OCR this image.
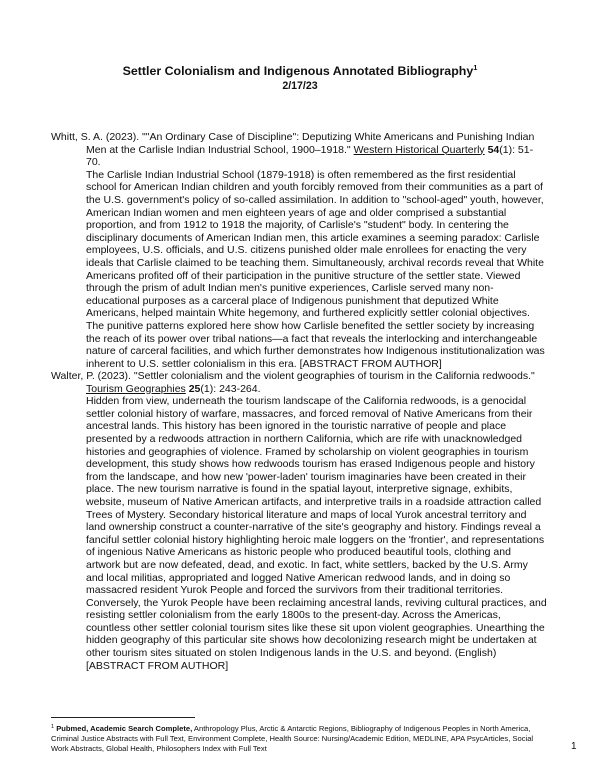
Settler Colonialism and Indigenous Annotated Bibliography$^1$
2/17/23

Whitt, S. A. (2023). ""An Ordinary Case of Discipline": Deputizing White Americans and Punishing Indian Men at the Carlisle Indian Industrial School, 1900–1918." Western Historical Quarterly 54(1): 51-70.

The Carlisle Indian Industrial School (1879-1918) is often remembered as the first residential school for American Indian children and youth forcibly removed from their communities as a part of the U.S. government's policy of so-called assimilation. In addition to "school-aged" youth, however, American Indian women and men eighteen years of age and older comprised a substantial proportion, and from 1912 to 1918 the majority, of Carlisle's "student" body. In centering the disciplinary documents of American Indian men, this article examines a seeming paradox: Carlisle employees, U.S. officials, and U.S. citizens punished older male enrollees for enacting the very ideals that Carlisle claimed to be teaching them. Simultaneously, archival records reveal that White Americans profited off of their participation in the punitive structure of the settler state. Viewed through the prism of adult Indian men's punitive experiences, Carlisle served many non-educational purposes as a carceral place of Indigenous punishment that deputized White Americans, helped maintain White hegemony, and furthered explicitly settler colonial objectives. The punitive patterns explored here show how Carlisle benefited the settler society by increasing the reach of its power over tribal nations—a fact that reveals the interlocking and interchangeable nature of carceral facilities, and which further demonstrates how Indigenous institutionalization was inherent to U.S. settler colonialism in this era. [ABSTRACT FROM AUTHOR]

Walter, P. (2023). "Settler colonialism and the violent geographies of tourism in the California redwoods." Tourism Geographies 25(1): 243-264.

Hidden from view, underneath the tourism landscape of the California redwoods, is a genocidal settler colonial history of warfare, massacres, and forced removal of Native Americans from their ancestral lands. This history has been ignored in the touristic narrative of people and place presented by a redwoods attraction in northern California, which are rife with unacknowledged histories and geographies of violence. Framed by scholarship on violent geographies in tourism development, this study shows how redwoods tourism has erased Indigenous people and history from the landscape, and how new 'power-laden' tourism imaginaries have been created in their place. The new tourism narrative is found in the spatial layout, interpretive signage, exhibits, website, museum of Native American artifacts, and interpretive trails in a roadside attraction called Trees of Mystery. Secondary historical literature and maps of local Yurok ancestral territory and land ownership construct a counter-narrative of the site's geography and history. Findings reveal a fanciful settler colonial history highlighting heroic male loggers on the 'frontier', and representations of ingenious Native Americans as historic people who produced beautiful tools, clothing and artwork but are now defeated, dead, and exotic. In fact, white settlers, backed by the U.S. Army and local militias, appropriated and logged Native American redwood lands, and in doing so massacred resident Yurok People and forced the survivors from their traditional territories. Conversely, the Yurok People have been reclaiming ancestral lands, reviving cultural practices, and resisting settler colonialism from the early 1800s to the present-day. Across the Americas, countless other settler colonial tourism sites like these sit upon violent geographies. Unearthing the hidden geography of this particular site shows how decolonizing research might be undertaken at other tourism sites situated on stolen Indigenous lands in the U.S. and beyond. (English) [ABSTRACT FROM AUTHOR]

$^1$ Pubmed, Academic Search Complete, Anthropology Plus, Arctic & Antarctic Regions, Bibliography of Indigenous Peoples in North America, Criminal Justice Abstracts with Full Text, Environment Complete, Health Source: Nursing/Academic Edition, MEDLINE, APA PsycArticles, Social Work Abstracts, Global Health, Philosophers Index with Full Text	1
